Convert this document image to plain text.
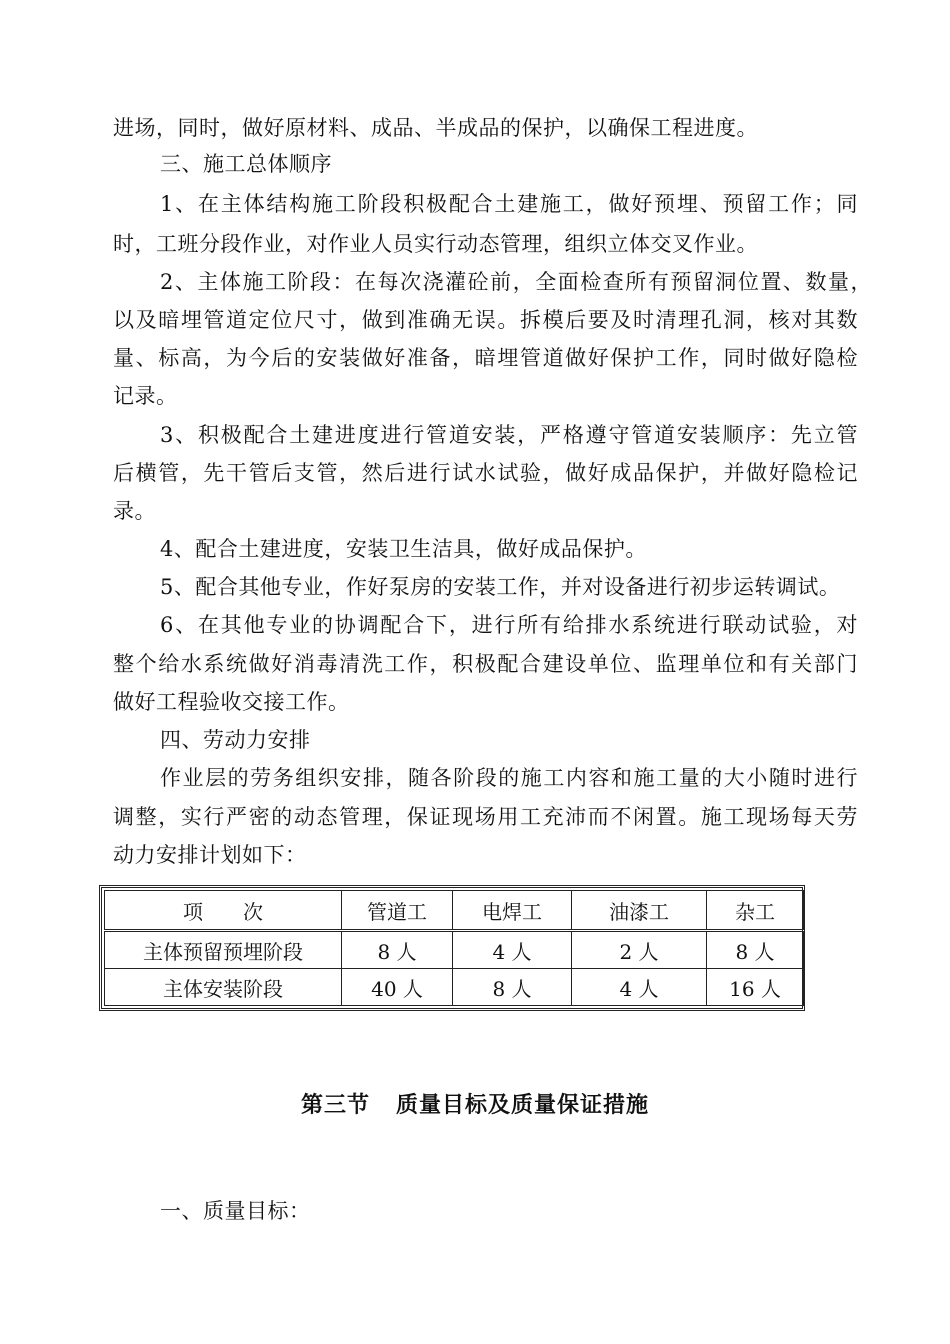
进场，同时，做好原材料、成品、半成品的保护，以确保工程进度。
三、施工总体顺序
1、在主体结构施工阶段积极配合土建施工，做好预埋、预留工作；同
时，工班分段作业，对作业人员实行动态管理，组织立体交叉作业。
2、主体施工阶段：在每次浇灌砼前，全面检查所有预留洞位置、数量，
以及暗埋管道定位尺寸，做到准确无误。拆模后要及时清理孔洞，核对其数
量、标高，为今后的安装做好准备，暗埋管道做好保护工作，同时做好隐检
记录。
3、积极配合土建进度进行管道安装，严格遵守管道安装顺序：先立管
后横管，先干管后支管，然后进行试水试验，做好成品保护，并做好隐检记
录。
4、配合土建进度，安装卫生洁具，做好成品保护。
5、配合其他专业，作好泵房的安装工作，并对设备进行初步运转调试。
6、在其他专业的协调配合下，进行所有给排水系统进行联动试验，对
整个给水系统做好消毒清洗工作，积极配合建设单位、监理单位和有关部门
做好工程验收交接工作。
四、劳动力安排
作业层的劳务组织安排，随各阶段的施工内容和施工量的大小随时进行
调整，实行严密的动态管理，保证现场用工充沛而不闲置。施工现场每天劳
动力安排计划如下：
项　　次	管道工	电焊工	油漆工	杂工
主体预留预埋阶段	8 人	4 人	2 人	8 人
主体安装阶段	40 人	8 人	4 人	16 人
第三节 质量目标及质量保证措施
一、质量目标：
